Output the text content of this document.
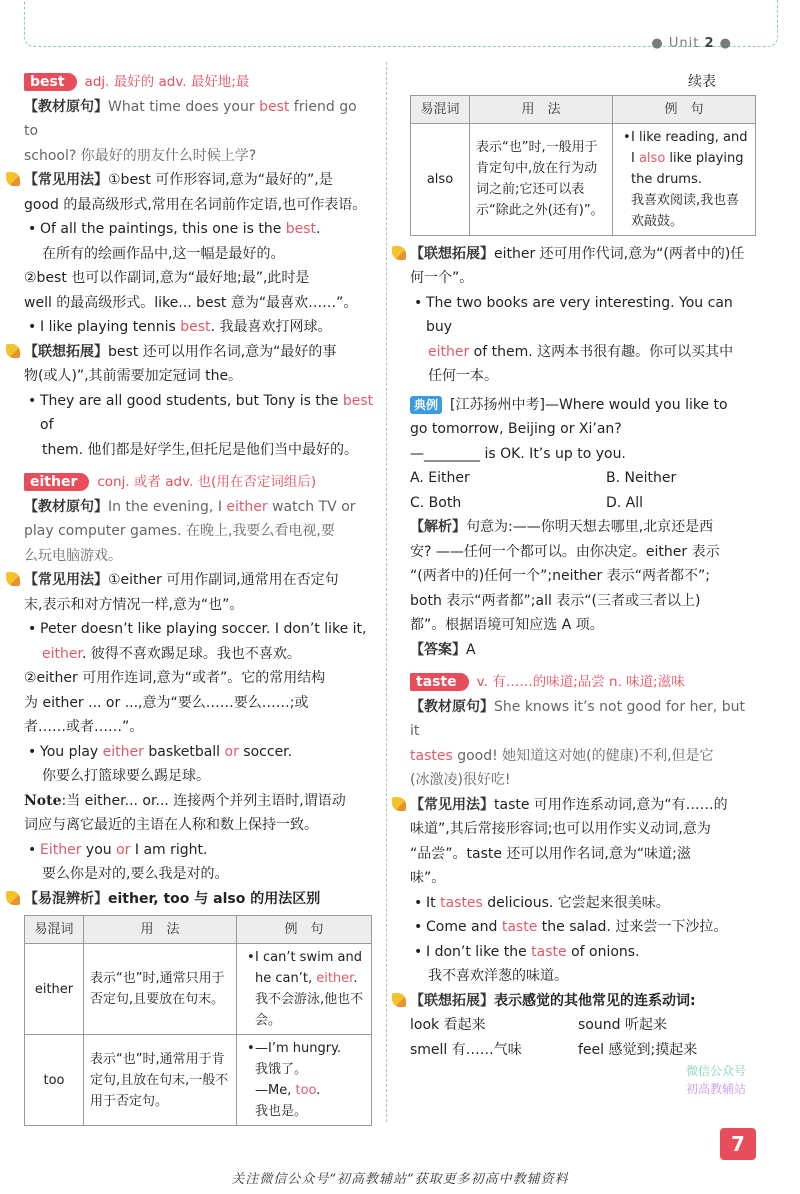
● Unit 2 ●

best adj. 最好的 adv. 最好地;最

【教材原句】What time does your best friend go to

school? 你最好的朋友什么时候上学?

【常见用法】①best 可作形容词,意为“最好的”,是

good 的最高级形式,常用在名词前作定语,也可作表语。

• Of all the paintings, this one is the best.

在所有的绘画作品中,这一幅是最好的。

②best 也可以作副词,意为“最好地;最”,此时是

well 的最高级形式。like... best 意为“最喜欢……”。

• I like playing tennis best. 我最喜欢打网球。

【联想拓展】best 还可以用作名词,意为“最好的事

物(或人)”,其前需要加定冠词 the。

• They are all good students, but Tony is the best of

them. 他们都是好学生,但托尼是他们当中最好的。

either conj. 或者 adv. 也(用在否定词组后)

【教材原句】In the evening, I either watch TV or

play computer games. 在晚上,我要么看电视,要

么玩电脑游戏。

【常见用法】①either 可用作副词,通常用在否定句

末,表示和对方情况一样,意为“也”。

• Peter doesn’t like playing soccer. I don’t like it,

either. 彼得不喜欢踢足球。我也不喜欢。

②either 可用作连词,意为“或者”。它的常用结构

为 either ... or ...,意为“要么……要么……;或

者……或者……”。

• You play either basketball or soccer.

你要么打篮球要么踢足球。

Note:当 either... or... 连接两个并列主语时,谓语动

词应与离它最近的主语在人称和数上保持一致。

• Either you or I am right.

要么你是对的,要么我是对的。

【易混辨析】either, too 与 also 的用法区别

易混词	用　法	例　句
either	表示“也”时,通常只用于否定句,且要放在句末。	• I can’t swim and he can’t, either.
我不会游泳,他也不会。

too	表示“也”时,通常用于肯定句,且放在句末,一般不用于否定句。	• —I’m hungry.
我饿了。
—Me, too.
我也是。

续表

易混词	用　法	例　句
also	表示“也”时,一般用于肯定句中,放在行为动词之前;它还可以表示“除此之外(还有)”。	• I like reading, and I also like playing the drums.
我喜欢阅读,我也喜欢敲鼓。

【联想拓展】either 还可用作代词,意为“(两者中的)任

何一个”。

• The two books are very interesting. You can buy

either of them. 这两本书很有趣。你可以买其中

任何一本。

典例 [江苏扬州中考]—Where would you like to

go tomorrow, Beijing or Xi’an?

—________ is OK. It’s up to you.

A. Either	B. Neither

C. Both	D. All

【解析】句意为:——你明天想去哪里,北京还是西

安? ——任何一个都可以。由你决定。either 表示

“(两者中的)任何一个”;neither 表示“两者都不”;

both 表示“两者都”;all 表示“(三者或三者以上)

都”。根据语境可知应选 A 项。

【答案】A

taste v. 有……的味道;品尝 n. 味道;滋味

【教材原句】She knows it’s not good for her, but it

tastes good! 她知道这对她(的健康)不利,但是它

(冰激凌)很好吃!

【常见用法】taste 可用作连系动词,意为“有……的

味道”,其后常接形容词;也可以用作实义动词,意为

“品尝”。taste 还可以用作名词,意为“味道;滋

味”。

• It tastes delicious. 它尝起来很美味。

• Come and taste the salad. 过来尝一下沙拉。

• I don’t like the taste of onions.

我不喜欢洋葱的味道。

【联想拓展】表示感觉的其他常见的连系动词:

look 看起来	sound 听起来

smell 有……气味	feel 感觉到;摸起来

微信公众号
初高教辅站
7
关注微信公众号“初高教辅站”获取更多初高中教辅资料
